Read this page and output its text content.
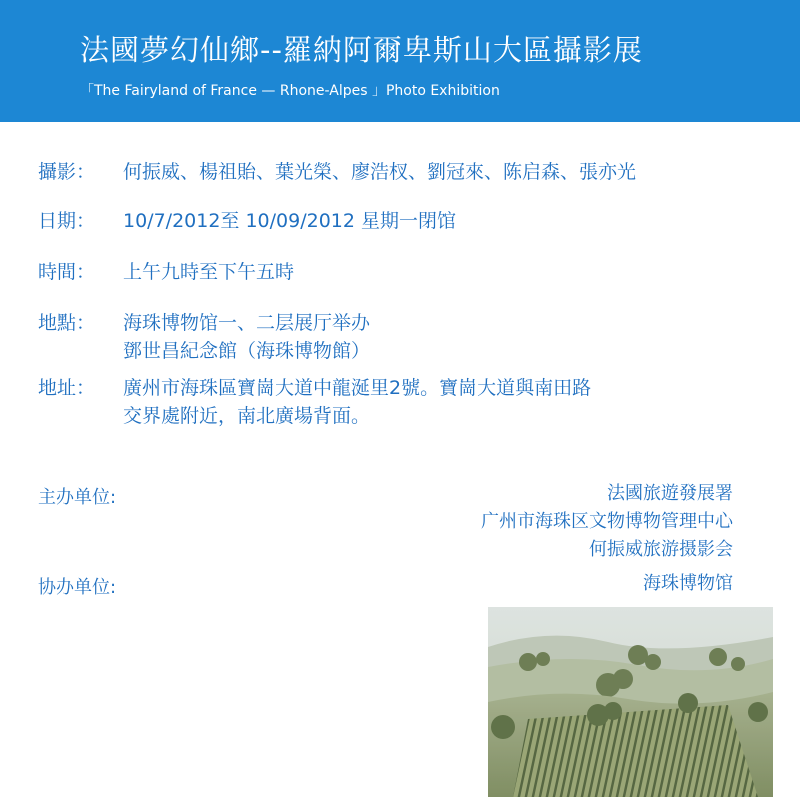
法國夢幻仙鄉--羅納阿爾卑斯山大區攝影展
「The Fairyland of France — Rhone-Alpes 」Photo Exhibition
攝影：	何振威、楊祖貽、葉光榮、廖浩杈、劉冠來、陈启森、張亦光
日期：	10/7/2012至 10/09/2012 星期一閉馆
時間：	上午九時至下午五時
地點：	海珠博物馆一、二层展厅举办
鄧世昌紀念館（海珠博物館）
地址：	廣州市海珠區寶崗大道中龍涎里2號。寶崗大道與南田路
交界處附近，南北廣場背面。
主办单位:	法國旅遊發展署
广州市海珠区文物博物管理中心
何振威旅游摄影会
协办单位:	海珠博物馆
